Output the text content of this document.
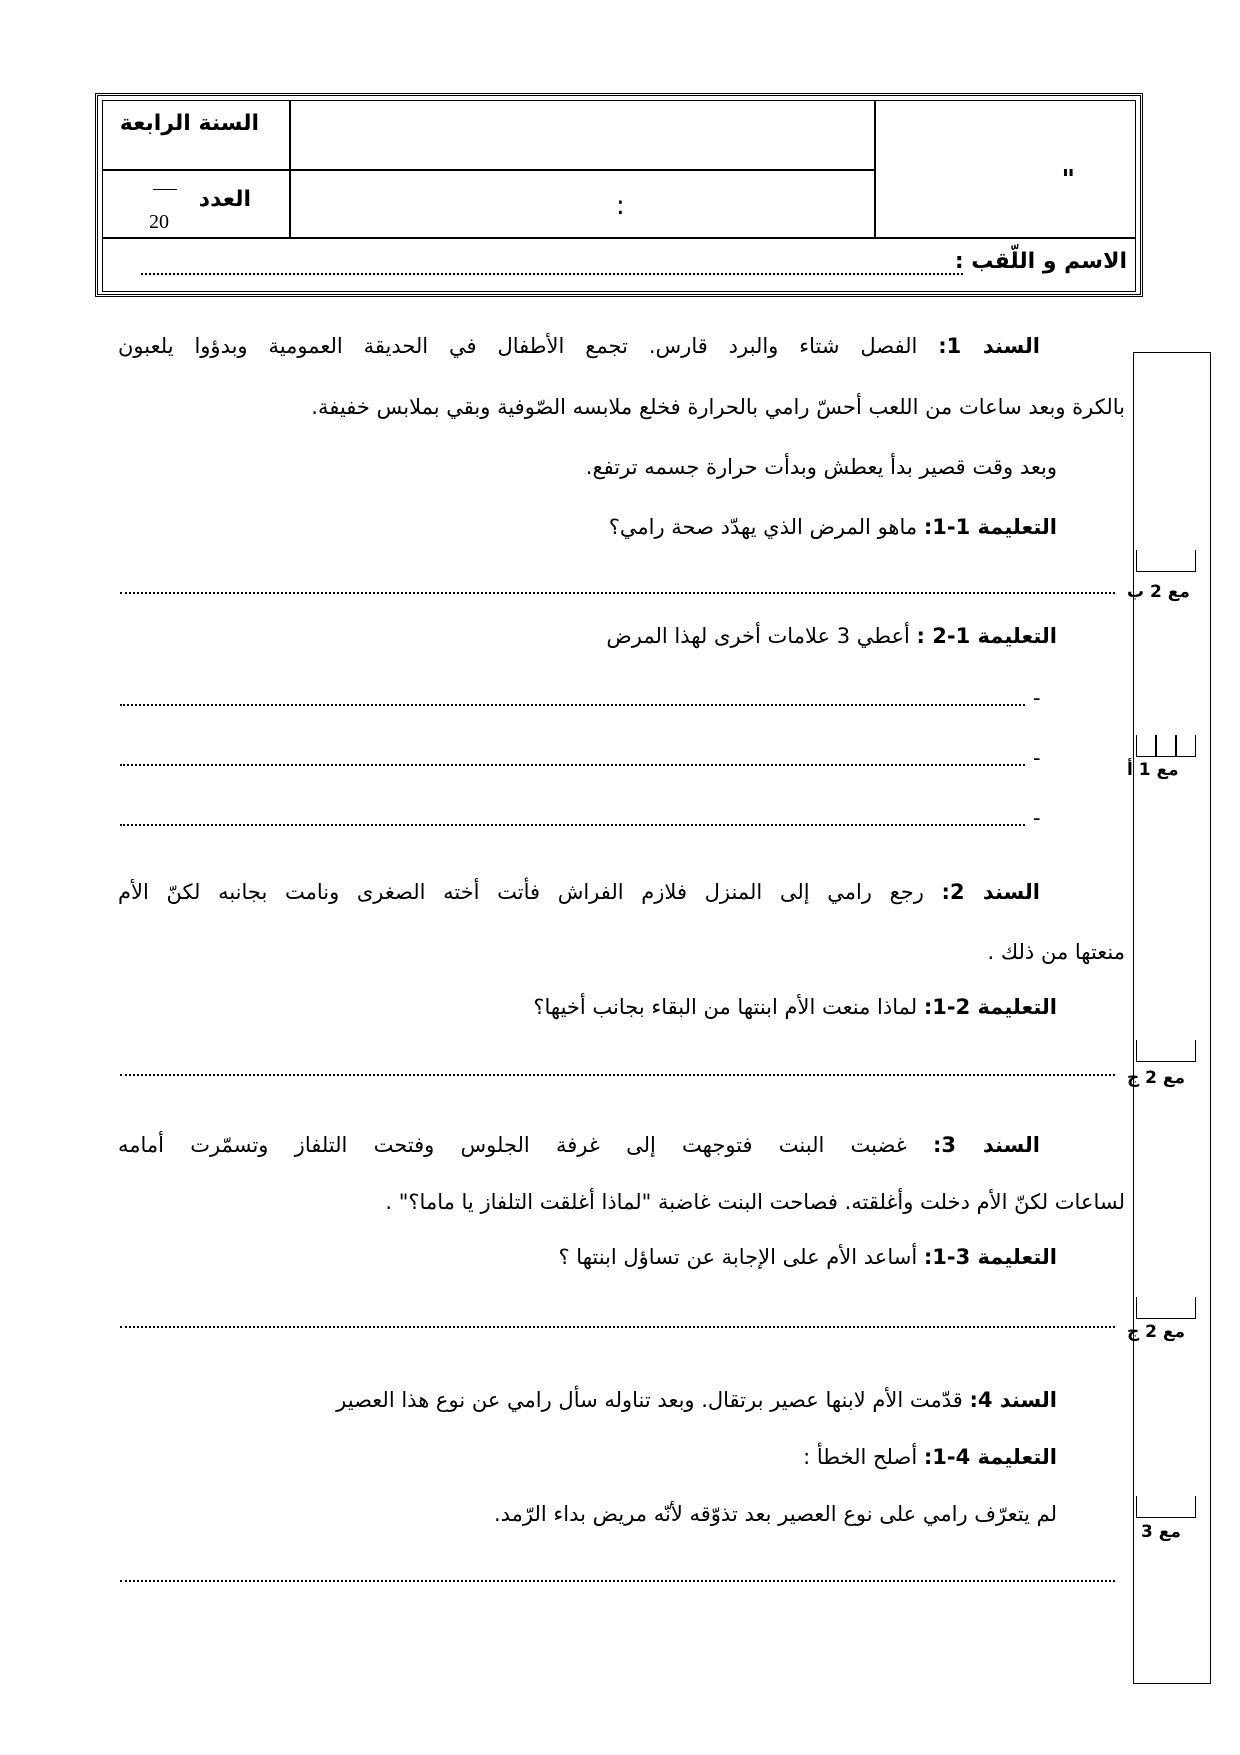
السنة الرابعة
العدد
20
:
"
الاسم و اللّقب :
السند 1: الفصل شتاء والبرد قارس. تجمع الأطفال في الحديقة العمومية وبدؤوا يلعبون
بالكرة وبعد ساعات من اللعب أحسّ رامي بالحرارة فخلع ملابسه الصّوفية وبقي بملابس خفيفة.
وبعد وقت قصير بدأ يعطش وبدأت حرارة جسمه ترتفع.
التعليمة 1-1: ماهو المرض الذي يهدّد صحة رامي؟
التعليمة 1-2 : أعطي 3 علامات أخرى لهذا المرض
-
-
-
السند 2: رجع رامي إلى المنزل فلازم الفراش فأتت أخته الصغرى ونامت بجانبه لكنّ الأم
منعتها من ذلك .
التعليمة 2-1: لماذا منعت الأم ابنتها من البقاء بجانب أخيها؟
السند 3: غضبت البنت فتوجهت إلى غرفة الجلوس وفتحت التلفاز وتسمّرت أمامه
لساعات لكنّ الأم دخلت وأغلقته. فصاحت البنت غاضبة "لماذا أغلقت التلفاز يا ماما؟" .
التعليمة 3-1: أساعد الأم على الإجابة عن تساؤل ابنتها ؟
السند 4: قدّمت الأم لابنها عصير برتقال. وبعد تناوله سأل رامي عن نوع هذا العصير
التعليمة 4-1: أصلح الخطأ :
لم يتعرّف رامي على نوع العصير بعد تذوّقه لأنّه مريض بداء الرّمد.
مع 2 ب
مع 1 أ
مع 2 ج
مع 2 ج
مع 3
